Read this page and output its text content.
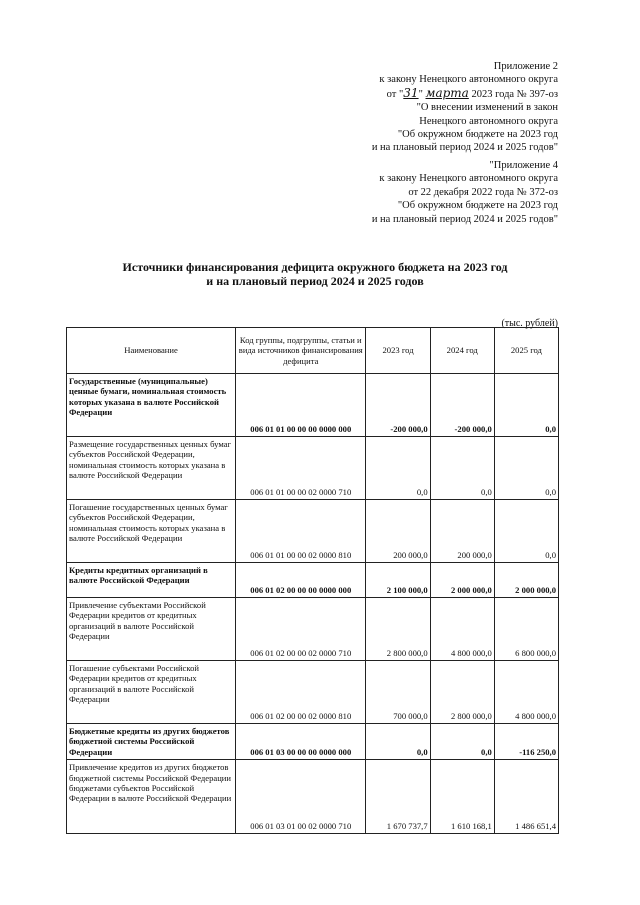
Приложение 2
к закону Ненецкого автономного округа
от "31" марта 2023 года № 397-оз
"О внесении изменений в закон
Ненецкого автономного округа
"Об окружном бюджете на 2023 год
и на плановый период 2024 и 2025 годов"
"Приложение 4
к закону Ненецкого автономного округа
от 22 декабря 2022 года № 372-оз
"Об окружном бюджете на 2023 год
и на плановый период 2024 и 2025 годов"
Источники финансирования дефицита окружного бюджета на 2023 год
и на плановый период 2024 и 2025 годов
(тыс. рублей)
Наименование	Код группы, подгруппы, статьи и вида источников финансирования дефицита	2023 год	2024 год	2025 год
Государственные (муниципальные) ценные бумаги, номинальная стоимость которых указана в валюте Российской Федерации	006 01 01 00 00 00 0000 000	-200 000,0	-200 000,0	0,0
Размещение государственных ценных бумаг субъектов Российской Федерации, номинальная стоимость которых указана в валюте Российской Федерации	006 01 01 00 00 02 0000 710	0,0	0,0	0,0
Погашение государственных ценных бумаг субъектов Российской Федерации, номинальная стоимость которых указана в валюте Российской Федерации	006 01 01 00 00 02 0000 810	200 000,0	200 000,0	0,0
Кредиты кредитных организаций в валюте Российской Федерации	006 01 02 00 00 00 0000 000	2 100 000,0	2 000 000,0	2 000 000,0
Привлечение субъектами Российской Федерации кредитов от кредитных организаций в валюте Российской Федерации	006 01 02 00 00 02 0000 710	2 800 000,0	4 800 000,0	6 800 000,0
Погашение субъектами Российской Федерации кредитов от кредитных организаций в валюте Российской Федерации	006 01 02 00 00 02 0000 810	700 000,0	2 800 000,0	4 800 000,0
Бюджетные кредиты из других бюджетов бюджетной системы Российской Федерации	006 01 03 00 00 00 0000 000	0,0	0,0	-116 250,0
Привлечение кредитов из других бюджетов бюджетной системы Российской Федерации бюджетами субъектов Российской Федерации в валюте Российской Федерации	006 01 03 01 00 02 0000 710	1 670 737,7	1 610 168,1	1 486 651,4
